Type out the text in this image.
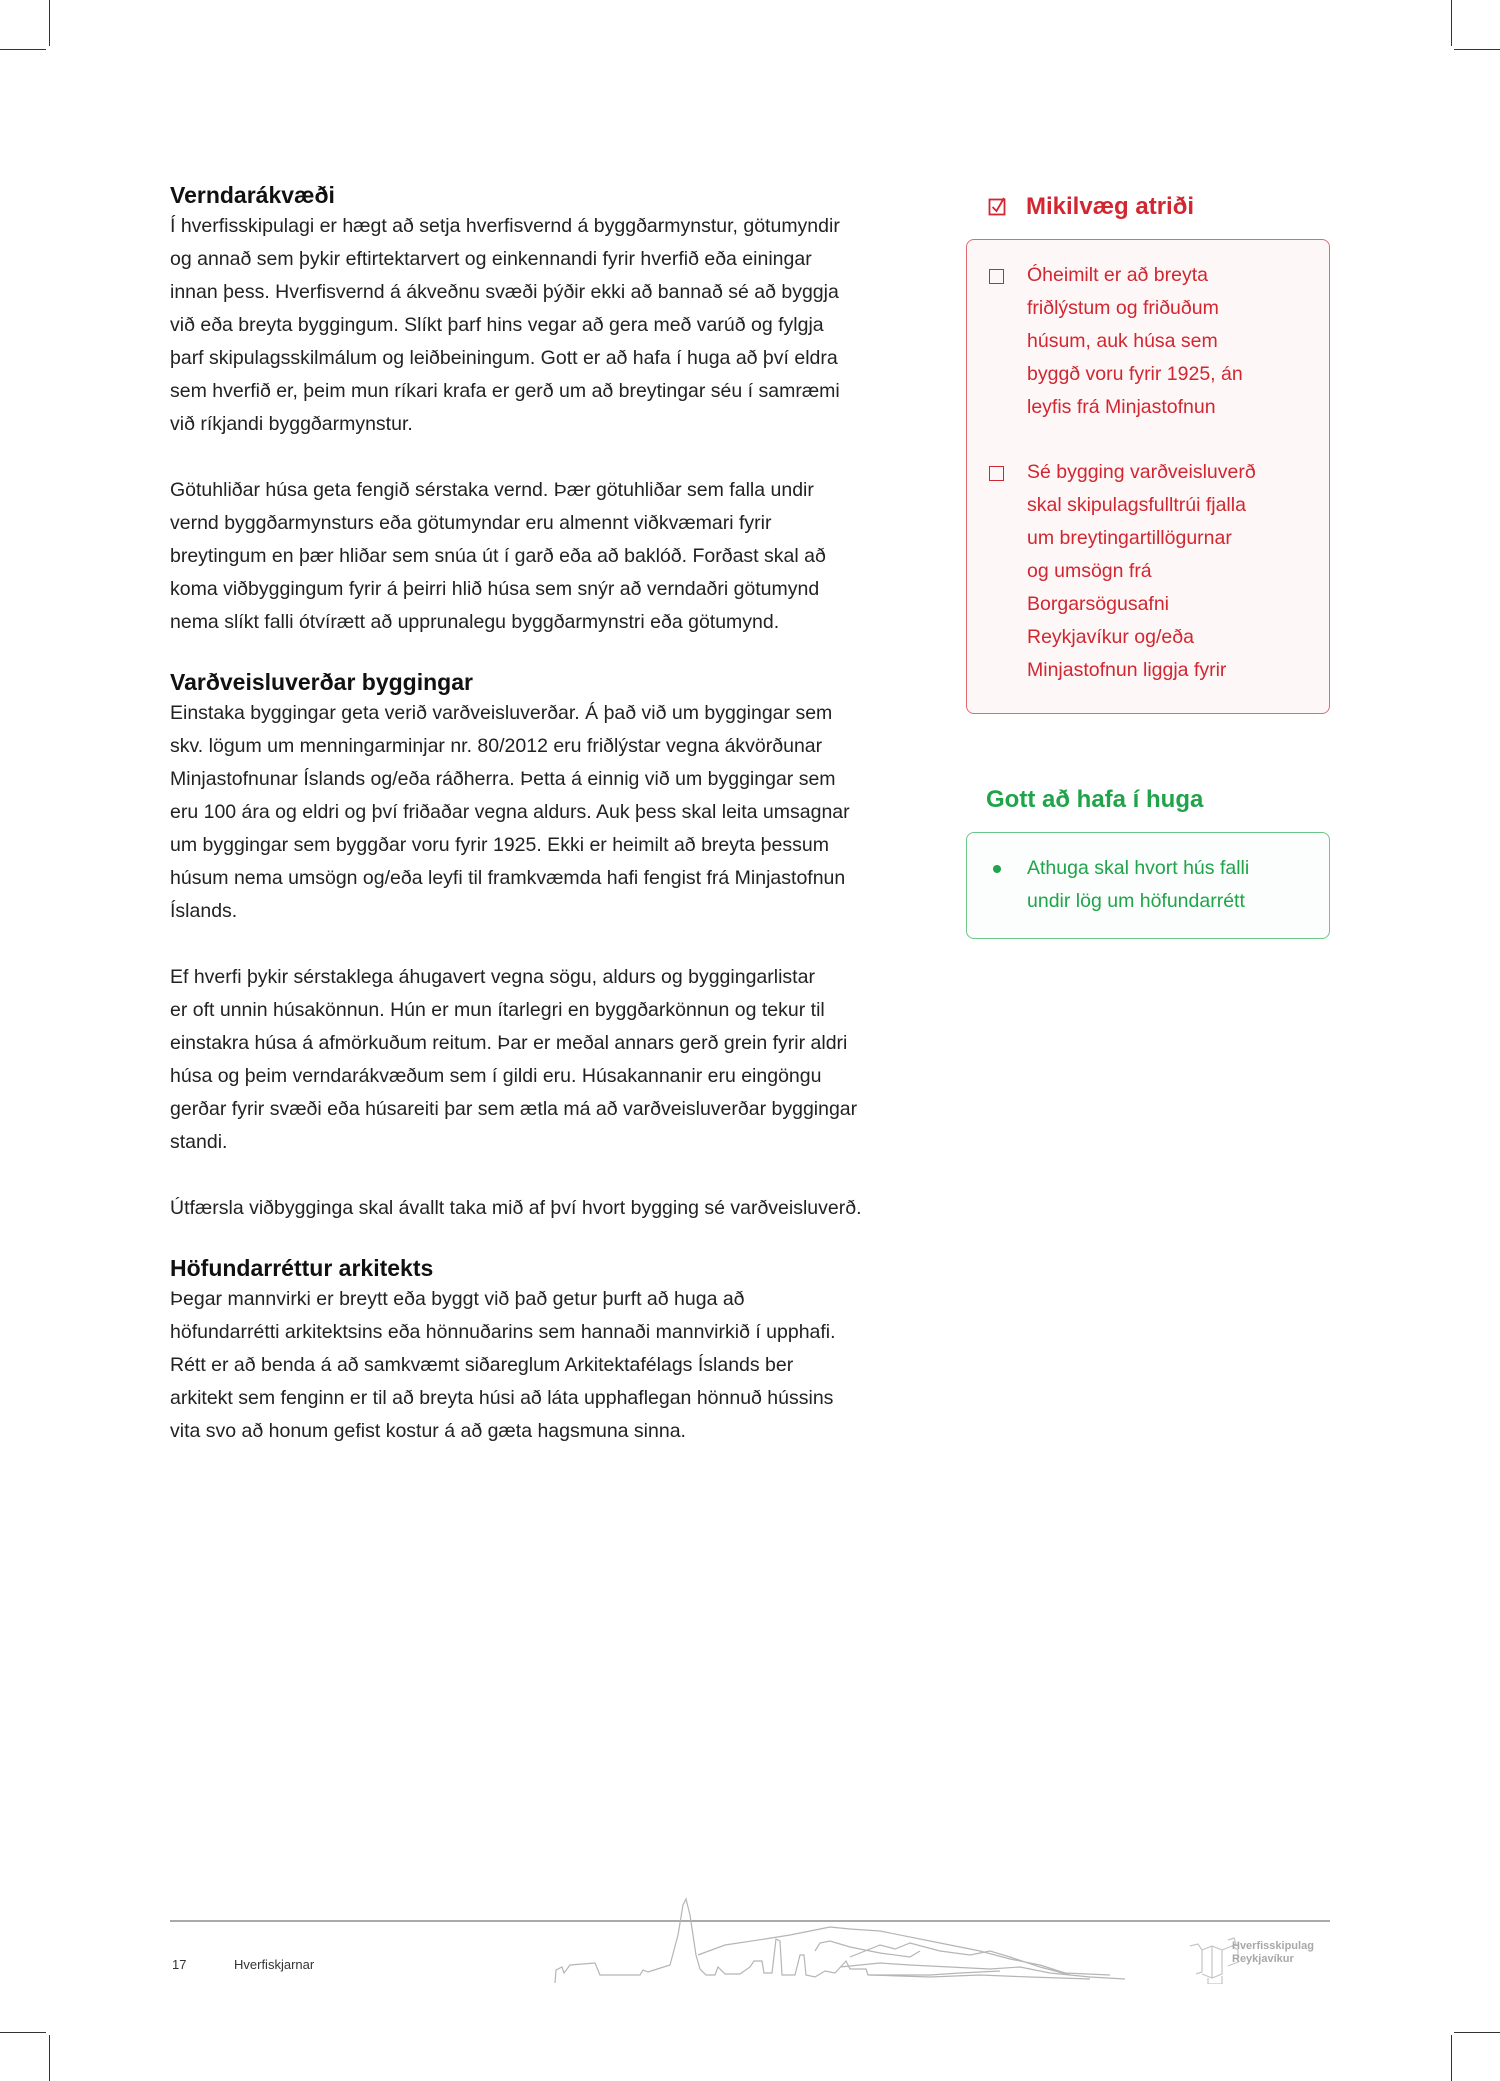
Verndarákvæði

Í hverfisskipulagi er hægt að setja hverfisvernd á byggðarmynstur, götumyndir
og annað sem þykir eftirtektarvert og einkennandi fyrir hverfið eða einingar
innan þess. Hverfisvernd á ákveðnu svæði þýðir ekki að bannað sé að byggja
við eða breyta byggingum. Slíkt þarf hins vegar að gera með varúð og fylgja
þarf skipulagsskilmálum og leiðbeiningum. Gott er að hafa í huga að því eldra
sem hverfið er, þeim mun ríkari krafa er gerð um að breytingar séu í samræmi
við ríkjandi byggðarmynstur.

Götuhliðar húsa geta fengið sérstaka vernd. Þær götuhliðar sem falla undir
vernd byggðarmynsturs eða götumyndar eru almennt viðkvæmari fyrir
breytingum en þær hliðar sem snúa út í garð eða að baklóð. Forðast skal að
koma viðbyggingum fyrir á þeirri hlið húsa sem snýr að verndaðri götumynd
nema slíkt falli ótvírætt að upprunalegu byggðarmynstri eða götumynd.

Varðveisluverðar byggingar

Einstaka byggingar geta verið varðveisluverðar. Á það við um byggingar sem
skv. lögum um menningarminjar nr. 80/2012 eru friðlýstar vegna ákvörðunar
Minjastofnunar Íslands og/eða ráðherra. Þetta á einnig við um byggingar sem
eru 100 ára og eldri og því friðaðar vegna aldurs. Auk þess skal leita umsagnar
um byggingar sem byggðar voru fyrir 1925. Ekki er heimilt að breyta þessum
húsum nema umsögn og/eða leyfi til framkvæmda hafi fengist frá Minjastofnun
Íslands.

Ef hverfi þykir sérstaklega áhugavert vegna sögu, aldurs og byggingarlistar
er oft unnin húsakönnun. Hún er mun ítarlegri en byggðarkönnun og tekur til
einstakra húsa á afmörkuðum reitum. Þar er meðal annars gerð grein fyrir aldri
húsa og þeim verndarákvæðum sem í gildi eru. Húsakannanir eru eingöngu
gerðar fyrir svæði eða húsareiti þar sem ætla má að varðveisluverðar byggingar
standi.

Útfærsla viðbygginga skal ávallt taka mið af því hvort bygging sé varðveisluverð.

Höfundarréttur arkitekts

Þegar mannvirki er breytt eða byggt við það getur þurft að huga að
höfundarrétti arkitektsins eða hönnuðarins sem hannaði mannvirkið í upphafi.
Rétt er að benda á að samkvæmt siðareglum Arkitektafélags Íslands ber
arkitekt sem fenginn er til að breyta húsi að láta upphaflegan hönnuð hússins
vita svo að honum gefist kostur á að gæta hagsmuna sinna.

Mikilvæg atriði
Óheimilt er að breyta
friðlýstum og friðuðum
húsum, auk húsa sem
byggð voru fyrir 1925, án
leyfis frá Minjastofnun
Sé bygging varðveisluverð
skal skipulagsfulltrúi fjalla
um breytingartillögurnar
og umsögn frá
Borgarsögusafni
Reykjavíkur og/eða
Minjastofnun liggja fyrir
Gott að hafa í huga
Athuga skal hvort hús falli
undir lög um höfundarrétt
17	Hverfiskjarnar
Hverfisskipulag
Reykjavíkur
